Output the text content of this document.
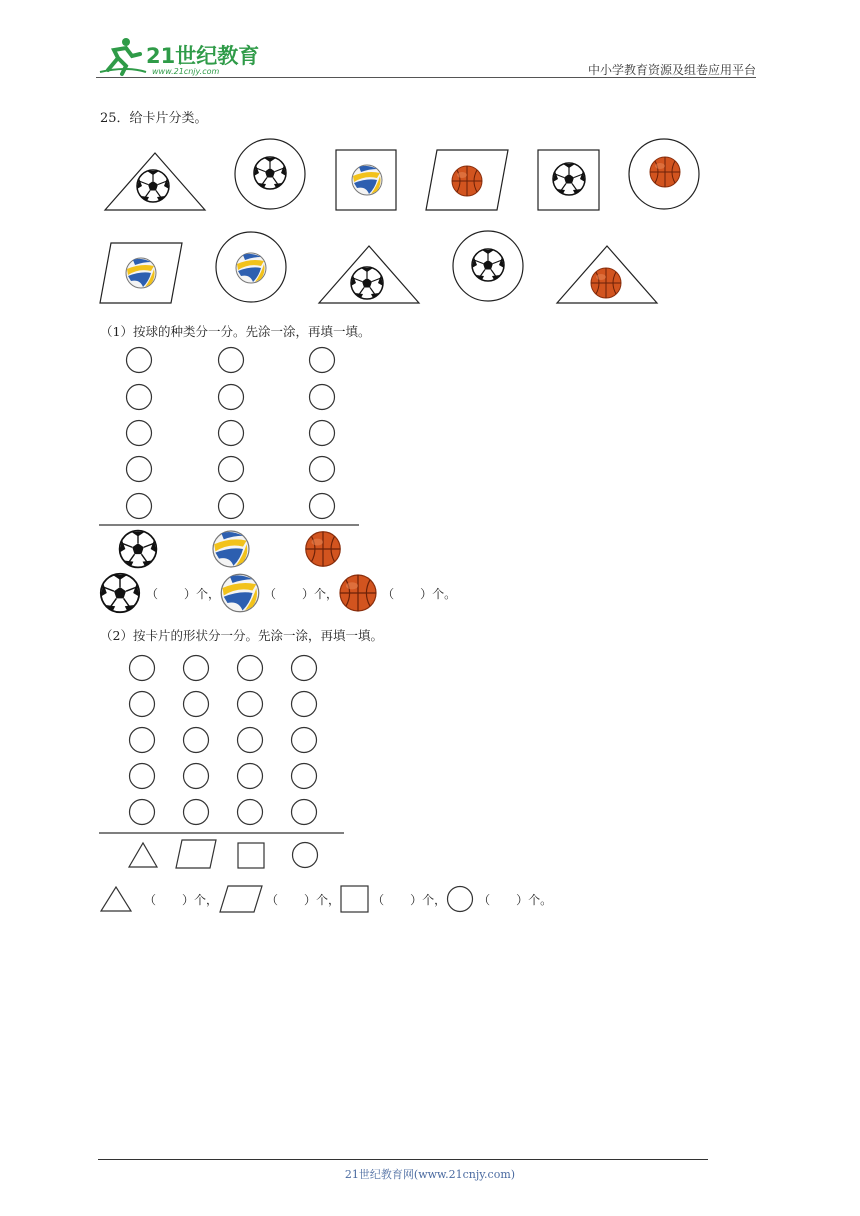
21世纪教育
www.21cnjy.com	中小学教育资源及组卷应用平台
25．给卡片分类。
（1）按球的种类分一分。先涂一涂，再填一填。
（ ）个，	（ ）个，	（ ）个。
（2）按卡片的形状分一分。先涂一涂，再填一填。
（ ）个，	（ ）个，	（ ）个，	（ ）个。
21世纪教育网(www.21cnjy.com)
